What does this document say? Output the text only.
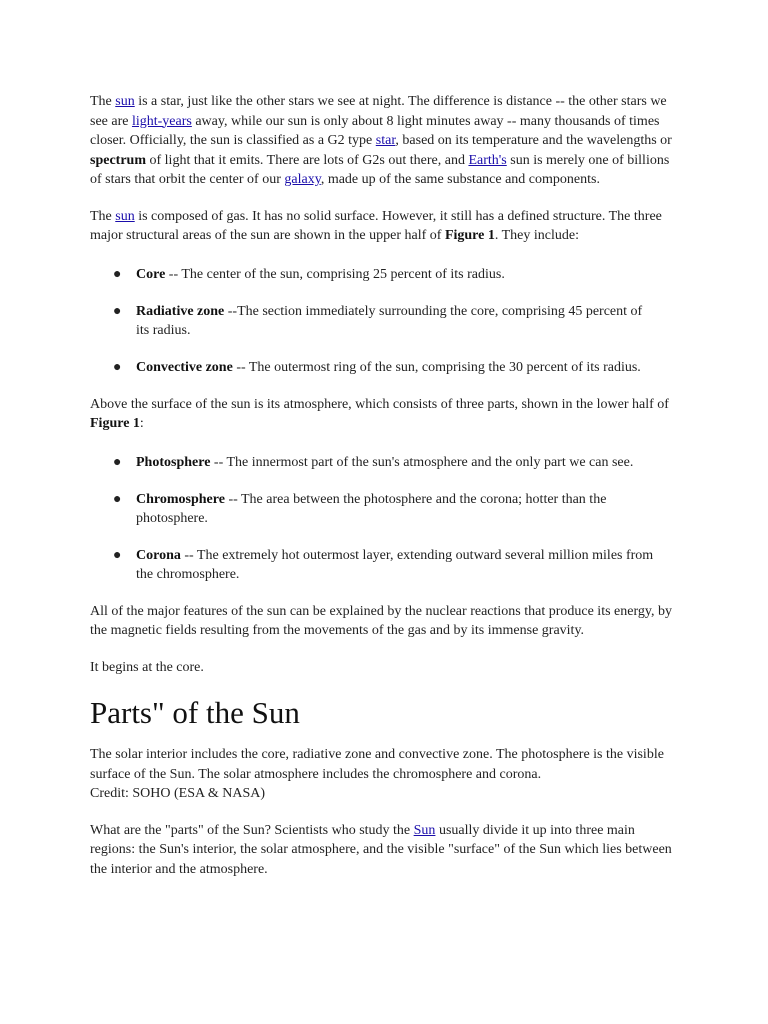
The sun is a star, just like the other stars we see at night. The difference is distance -- the other stars we see are light-years away, while our sun is only about 8 light minutes away -- many thousands of times closer. Officially, the sun is classified as a G2 type star, based on its temperature and the wavelengths or spectrum of light that it emits. There are lots of G2s out there, and Earth's sun is merely one of billions of stars that orbit the center of our galaxy, made up of the same substance and components.

The sun is composed of gas. It has no solid surface. However, it still has a defined structure. The three major structural areas of the sun are shown in the upper half of Figure 1. They include:

● Core -- The center of the sun, comprising 25 percent of its radius.
● Radiative zone --The section immediately surrounding the core, comprising 45 percent of its radius.
● Convective zone -- The outermost ring of the sun, comprising the 30 percent of its radius.

Above the surface of the sun is its atmosphere, which consists of three parts, shown in the lower half of Figure 1:

● Photosphere -- The innermost part of the sun's atmosphere and the only part we can see.
● Chromosphere -- The area between the photosphere and the corona; hotter than the photosphere.
● Corona -- The extremely hot outermost layer, extending outward several million miles from the chromosphere.

All of the major features of the sun can be explained by the nuclear reactions that produce its energy, by the magnetic fields resulting from the movements of the gas and by its immense gravity.

It begins at the core.

Parts" of the Sun

The solar interior includes the core, radiative zone and convective zone. The photosphere is the visible surface of the Sun. The solar atmosphere includes the chromosphere and corona.
Credit: SOHO (ESA & NASA)

What are the "parts" of the Sun? Scientists who study the Sun usually divide it up into three main regions: the Sun's interior, the solar atmosphere, and the visible "surface" of the Sun which lies between the interior and the atmosphere.
